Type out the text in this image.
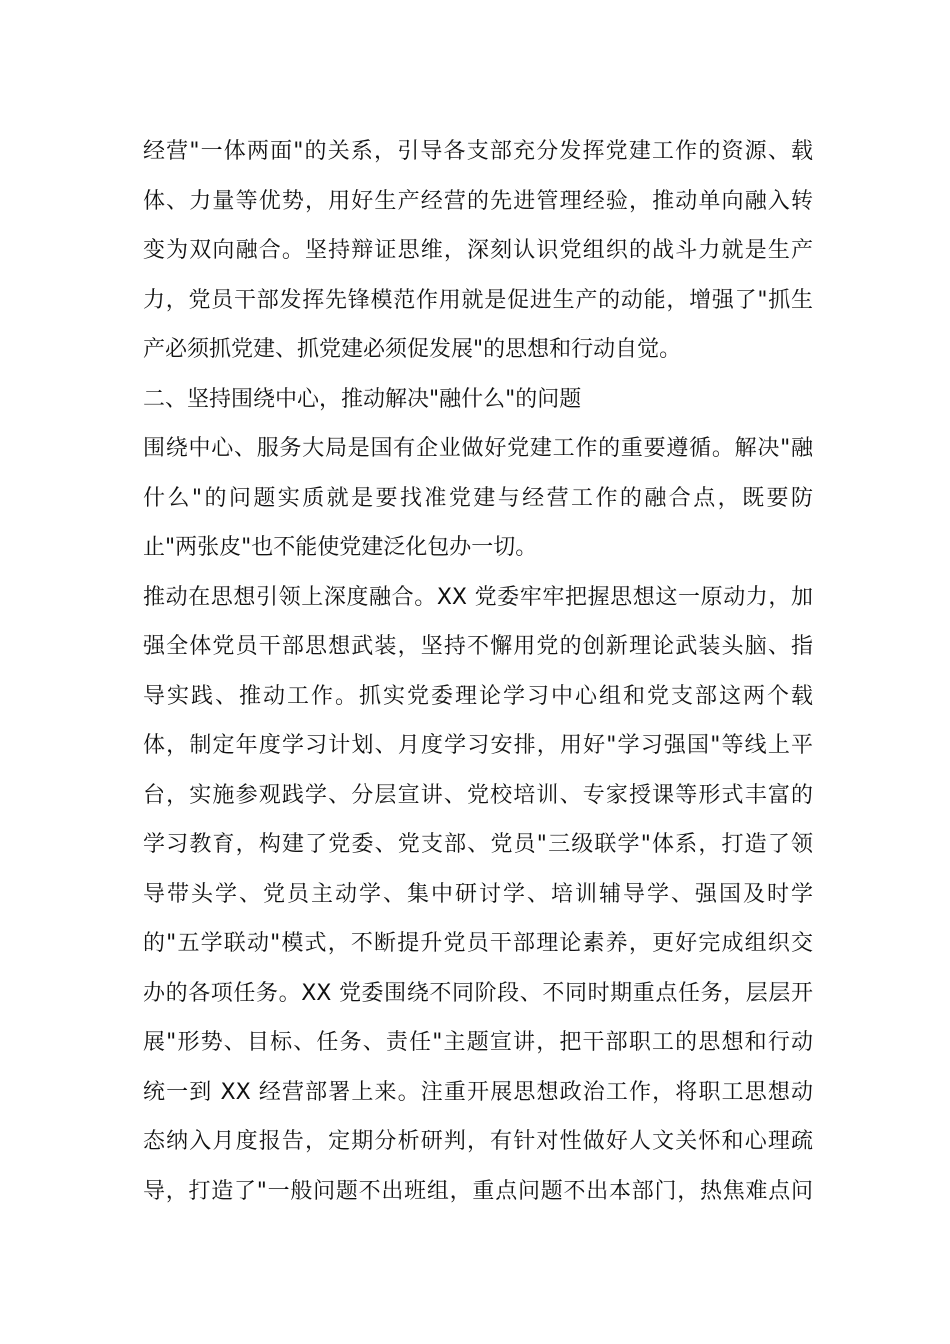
经营"一体两面"的关系，引导各支部充分发挥党建工作的资源、载
体、力量等优势，用好生产经营的先进管理经验，推动单向融入转
变为双向融合。坚持辩证思维，深刻认识党组织的战斗力就是生产
力，党员干部发挥先锋模范作用就是促进生产的动能，增强了"抓生
产必须抓党建、抓党建必须促发展"的思想和行动自觉。
二、坚持围绕中心，推动解决"融什么"的问题
围绕中心、服务大局是国有企业做好党建工作的重要遵循。解决"融
什么"的问题实质就是要找准党建与经营工作的融合点，既要防
止"两张皮"也不能使党建泛化包办一切。
推动在思想引领上深度融合。XX 党委牢牢把握思想这一原动力，加
强全体党员干部思想武装，坚持不懈用党的创新理论武装头脑、指
导实践、推动工作。抓实党委理论学习中心组和党支部这两个载
体，制定年度学习计划、月度学习安排，用好"学习强国"等线上平
台，实施参观践学、分层宣讲、党校培训、专家授课等形式丰富的
学习教育，构建了党委、党支部、党员"三级联学"体系，打造了领
导带头学、党员主动学、集中研讨学、培训辅导学、强国及时学
的"五学联动"模式，不断提升党员干部理论素养，更好完成组织交
办的各项任务。XX 党委围绕不同阶段、不同时期重点任务，层层开
展"形势、目标、任务、责任"主题宣讲，把干部职工的思想和行动
统一到 XX 经营部署上来。注重开展思想政治工作，将职工思想动
态纳入月度报告，定期分析研判，有针对性做好人文关怀和心理疏
导，打造了"一般问题不出班组，重点问题不出本部门，热焦难点问
